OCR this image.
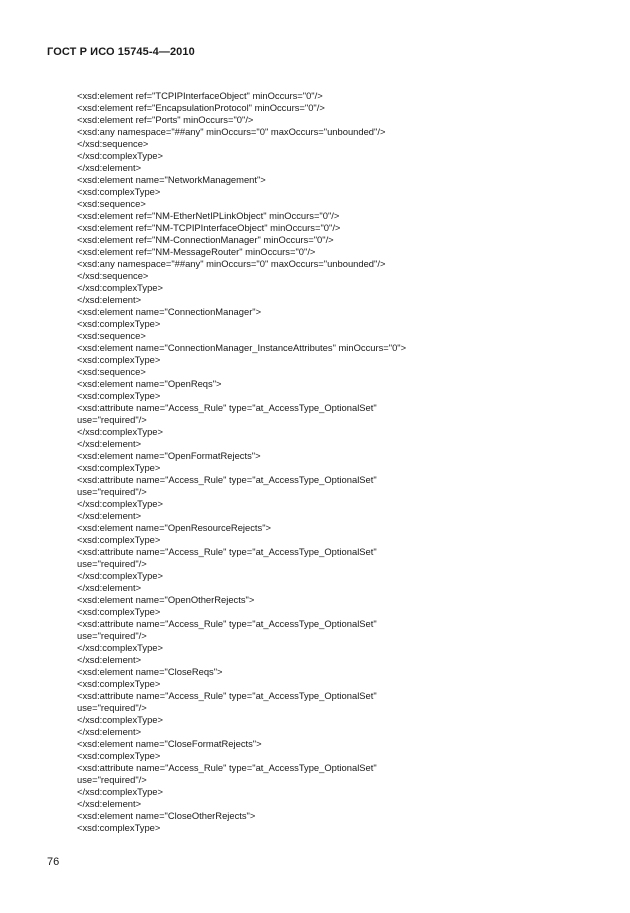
ГОСТ Р ИСО 15745-4—2010
<xsd:element ref="TCPIPInterfaceObject" minOccurs="0"/>
<xsd:element ref="EncapsulationProtocol" minOccurs="0"/>
<xsd:element ref="Ports" minOccurs="0"/>
<xsd:any namespace="##any" minOccurs="0" maxOccurs="unbounded"/>
</xsd:sequence>
</xsd:complexType>
</xsd:element>
<xsd:element name="NetworkManagement">
<xsd:complexType>
<xsd:sequence>
<xsd:element ref="NM-EtherNetIPLinkObject" minOccurs="0"/>
<xsd:element ref="NM-TCPIPInterfaceObject" minOccurs="0"/>
<xsd:element ref="NM-ConnectionManager" minOccurs="0"/>
<xsd:element ref="NM-MessageRouter" minOccurs="0"/>
<xsd:any namespace="##any" minOccurs="0" maxOccurs="unbounded"/>
</xsd:sequence>
</xsd:complexType>
</xsd:element>
<xsd:element name="ConnectionManager">
<xsd:complexType>
<xsd:sequence>
<xsd:element name="ConnectionManager_InstanceAttributes" minOccurs="0">
<xsd:complexType>
<xsd:sequence>
<xsd:element name="OpenReqs">
<xsd:complexType>
<xsd:attribute name="Access_Rule" type="at_AccessType_OptionalSet"
use="required"/>
</xsd:complexType>
</xsd:element>
<xsd:element name="OpenFormatRejects">
<xsd:complexType>
<xsd:attribute name="Access_Rule" type="at_AccessType_OptionalSet"
use="required"/>
</xsd:complexType>
</xsd:element>
<xsd:element name="OpenResourceRejects">
<xsd:complexType>
<xsd:attribute name="Access_Rule" type="at_AccessType_OptionalSet"
use="required"/>
</xsd:complexType>
</xsd:element>
<xsd:element name="OpenOtherRejects">
<xsd:complexType>
<xsd:attribute name="Access_Rule" type="at_AccessType_OptionalSet"
use="required"/>
</xsd:complexType>
</xsd:element>
<xsd:element name="CloseReqs">
<xsd:complexType>
<xsd:attribute name="Access_Rule" type="at_AccessType_OptionalSet"
use="required"/>
</xsd:complexType>
</xsd:element>
<xsd:element name="CloseFormatRejects">
<xsd:complexType>
<xsd:attribute name="Access_Rule" type="at_AccessType_OptionalSet"
use="required"/>
</xsd:complexType>
</xsd:element>
<xsd:element name="CloseOtherRejects">
<xsd:complexType>
76
